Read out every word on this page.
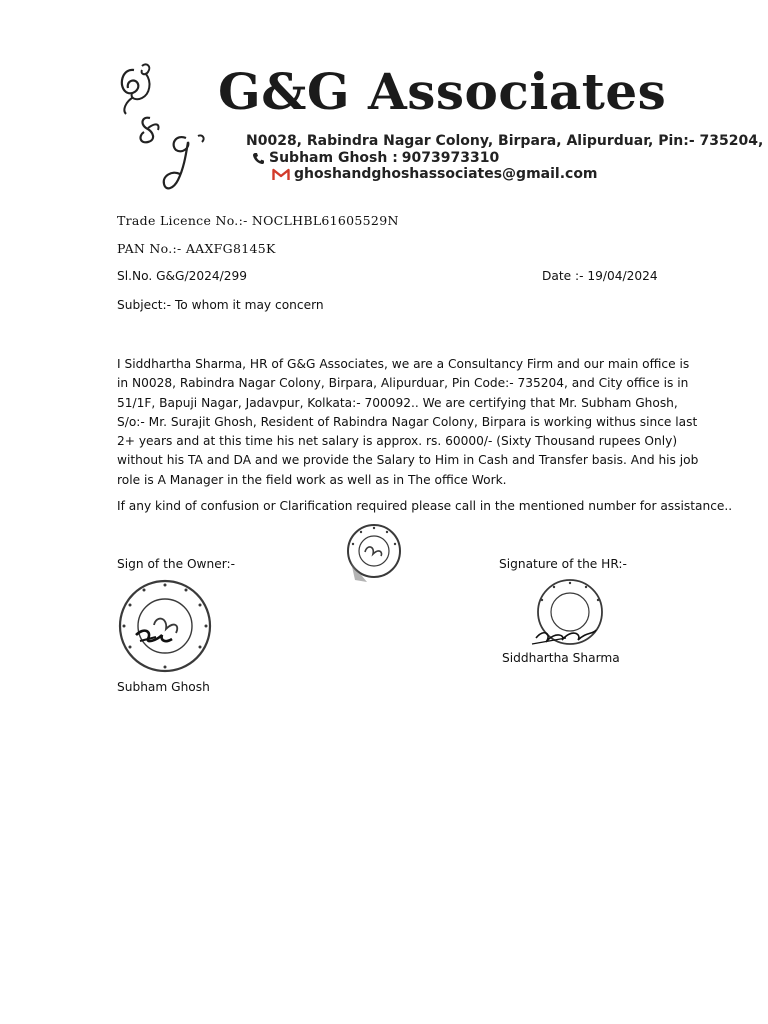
G&G Associates
N0028, Rabindra Nagar Colony, Birpara, Alipurduar, Pin:- 735204,
Subham Ghosh : 9073973310
ghoshandghoshassociates@gmail.com
Trade Licence No.:- NOCLHBL61605529N
PAN No.:- AAXFG8145K
Sl.No. G&G/2024/299	Date :- 19/04/2024
Subject:- To whom it may concern
I Siddhartha Sharma, HR of G&G Associates, we are a Consultancy Firm and our main office is in N0028, Rabindra Nagar Colony, Birpara, Alipurduar, Pin Code:- 735204, and City office is in 51/1F, Bapuji Nagar, Jadavpur, Kolkata:- 700092.. We are certifying that Mr. Subham Ghosh, S/o:- Mr. Surajit Ghosh, Resident of Rabindra Nagar Colony, Birpara is working withus since last 2+ years and at this time his net salary is approx. rs. 60000/- (Sixty Thousand rupees Only) without his TA and DA and we provide the Salary to Him in Cash and Transfer basis. And his job role is A Manager in the field work as well as in The office Work.
If any kind of confusion or Clarification required please call in the mentioned number for assistance..
Sign of the Owner:-	Signature of the HR:-
Siddhartha Sharma
Subham Ghosh
